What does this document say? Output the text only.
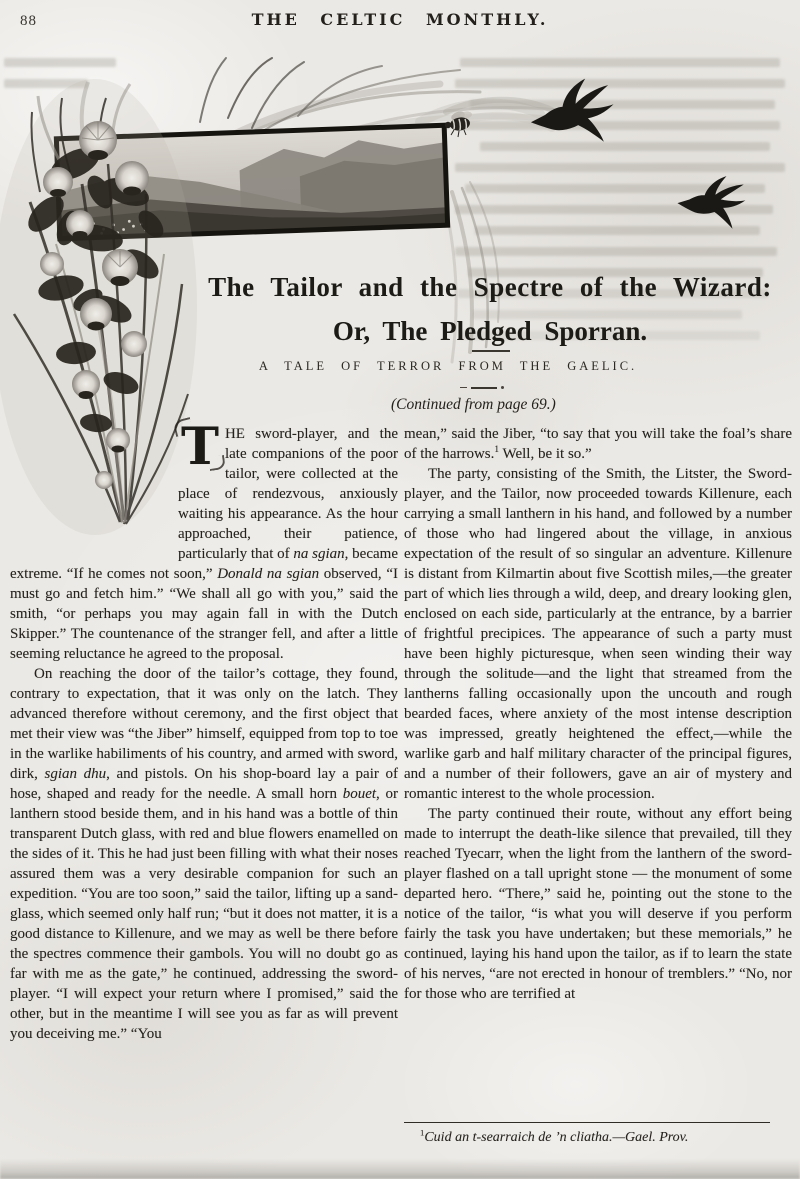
88	THE CELTIC MONTHLY.
The Tailor and the Spectre of the Wizard:
Or, The Pledged Sporran.
A TALE OF TERROR FROM THE GAELIC.
(Continued from page 69.)

T HE sword-player, and the late companions of the poor tailor, were collected at the place of rendezvous, anxiously waiting his appearance. As the hour approached, their patience, particularly that of na sgian, became extreme. “If he comes not soon,” Donald na sgian observed, “I must go and fetch him.” “We shall all go with you,” said the smith, “or perhaps you may again fall in with the Dutch Skipper.” The countenance of the stranger fell, and after a little seeming reluctance he agreed to the proposal.

On reaching the door of the tailor’s cottage, they found, contrary to expectation, that it was only on the latch. They advanced therefore without ceremony, and the first object that met their view was “the Jiber” himself, equipped from top to toe in the warlike habiliments of his country, and armed with sword, dirk, sgian dhu, and pistols. On his shop-board lay a pair of hose, shaped and ready for the needle. A small horn bouet, or lanthern stood beside them, and in his hand was a bottle of thin transparent Dutch glass, with red and blue flowers enamelled on the sides of it. This he had just been filling with what their noses assured them was a very desirable companion for such an expedition. “You are too soon,” said the tailor, lifting up a sand-glass, which seemed only half run; “but it does not matter, it is a good distance to Killenure, and we may as well be there before the spectres commence their gambols. You will no doubt go as far with me as the gate,” he continued, addressing the sword-player. “I will expect your return where I promised,” said the other, but in the meantime I will see you as far as will prevent you deceiving me.” “You

mean,” said the Jiber, “to say that you will take the foal’s share of the harrows.$^1$ Well, be it so.”

The party, consisting of the Smith, the Litster, the Sword-player, and the Tailor, now proceeded towards Killenure, each carrying a small lanthern in his hand, and followed by a number of those who had lingered about the village, in anxious expectation of the result of so singular an adventure. Killenure is distant from Kilmartin about five Scottish miles,—the greater part of which lies through a wild, deep, and dreary looking glen, enclosed on each side, particularly at the entrance, by a barrier of frightful precipices. The appearance of such a party must have been highly picturesque, when seen winding their way through the solitude—and the light that streamed from the lantherns falling occasionally upon the uncouth and rough bearded faces, where anxiety of the most intense description was impressed, greatly heightened the effect,—while the warlike garb and half military character of the principal figures, and a number of their followers, gave an air of mystery and romantic interest to the whole procession.

The party continued their route, without any effort being made to interrupt the death-like silence that prevailed, till they reached Tyecarr, when the light from the lanthern of the sword-player flashed on a tall upright stone — the monument of some departed hero. “There,” said he, pointing out the stone to the notice of the tailor, “is what you will deserve if you perform fairly the task you have undertaken; but these memorials,” he continued, laying his hand upon the tailor, as if to learn the state of his nerves, “are not erected in honour of tremblers.” “No, nor for those who are terrified at

$^1$Cuid an t-searraich de ’n cliatha.—Gael. Prov.
